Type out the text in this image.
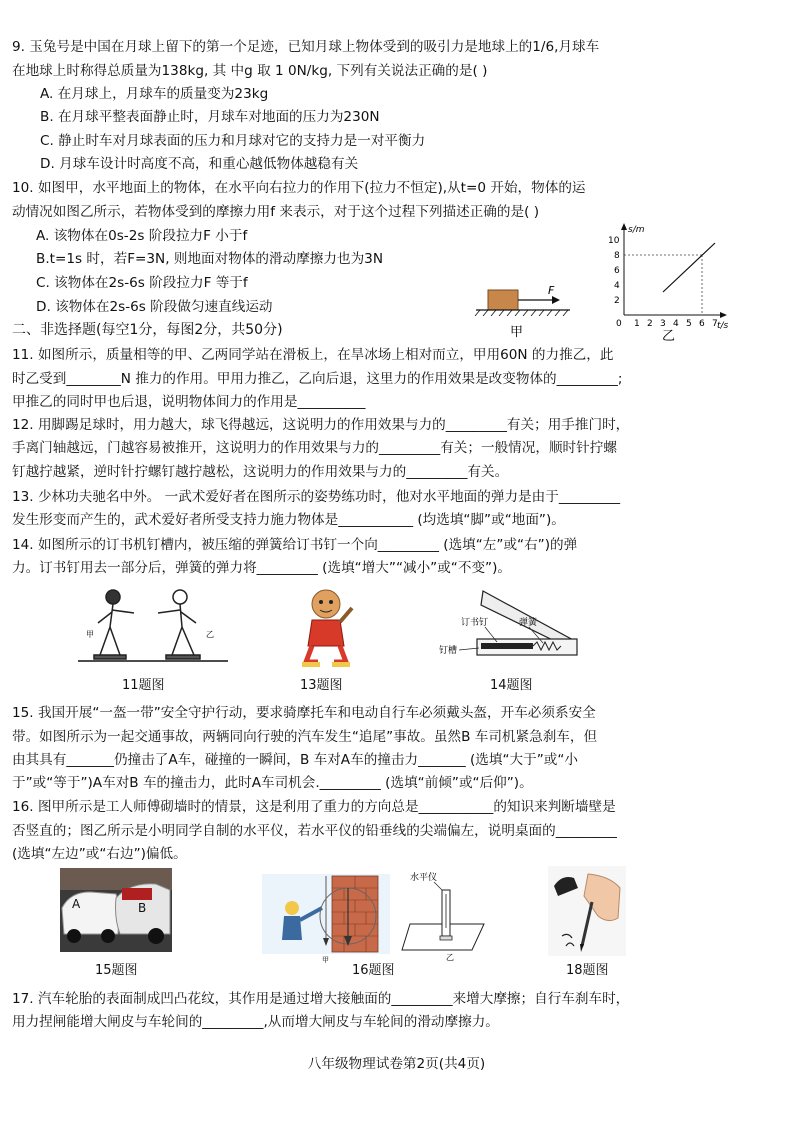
9. 玉兔号是中国在月球上留下的第一个足迹，已知月球上物体受到的吸引力是地球上的1/6,月球车
在地球上时称得总质量为138kg, 其 中g 取 1 0N/kg, 下列有关说法正确的是( )
A. 在月球上，月球车的质量变为23kg
B. 在月球平整表面静止时，月球车对地面的压力为230N
C. 静止时车对月球表面的压力和月球对它的支持力是一对平衡力
D. 月球车设计时高度不高，和重心越低物体越稳有关
10. 如图甲，水平地面上的物体，在水平向右拉力的作用下(拉力不恒定),从t=0 开始，物体的运
动情况如图乙所示，若物体受到的摩擦力用f 来表示，对于这个过程下列描述正确的是( )
A. 该物体在0s-2s 阶段拉力F 小于f
B.t=1s 时，若F=3N, 则地面对物体的滑动摩擦力也为3N
C. 该物体在2s-6s 阶段拉力F 等于f
D. 该物体在2s-6s 阶段做匀速直线运动
F
甲
s/m
t/s
2
4
6
8
10
0 1 2 3 4 5 6 7
乙
二、非选择题(每空1分，每图2分，共50分)
11. 如图所示，质量相等的甲、乙两同学站在滑板上，在旱冰场上相对而立，甲用60N 的力推乙，此
时乙受到________N 推力的作用。甲用力推乙，乙向后退，这里力的作用效果是改变物体的_________;
甲推乙的同时甲也后退，说明物体间力的作用是__________
12. 用脚踢足球时，用力越大，球飞得越远，这说明力的作用效果与力的_________有关；用手推门时，
手离门轴越远，门越容易被推开，这说明力的作用效果与力的_________有关；一般情况，顺时针拧螺
钉越拧越紧，逆时针拧螺钉越拧越松，这说明力的作用效果与力的_________有关。
13. 少林功夫驰名中外。 一武术爱好者在图所示的姿势练功时，他对水平地面的弹力是由于_________
发生形变而产生的，武术爱好者所受支持力施力物体是___________ (均选填“脚”或“地面”)。
14. 如图所示的订书机钉槽内，被压缩的弹簧给订书钉一个向_________ (选填“左”或“右”)的弹
力。订书钉用去一部分后，弹簧的弹力将_________ (选填“增大”“减小”或“不变”)。
甲	乙
订书钉	弹簧
钉槽
11题图	13题图	14题图
15. 我国开展“一盔一带”安全守护行动，要求骑摩托车和电动自行车必须戴头盔，开车必须系安全
带。如图所示为一起交通事故，两辆同向行驶的汽车发生“追尾”事故。虽然B 车司机紧急刹车，但
由其具有_______仍撞击了A车，碰撞的一瞬间，B 车对A车的撞击力_______ (选填“大于”或“小
于”或“等于”)A车对B 车的撞击力，此时A车司机会._________ (选填“前倾”或“后仰”)。
16. 图甲所示是工人师傅砌墙时的情景，这是利用了重力的方向总是___________的知识来判断墙壁是
否竖直的；图乙所示是小明同学自制的水平仪，若水平仪的铅垂线的尖端偏左，说明桌面的_________
(选填“左边”或“右边”)偏低。
A	B
甲
水平仪
乙
15题图	16题图	18题图
17. 汽车轮胎的表面制成凹凸花纹，其作用是通过增大接触面的_________来增大摩擦；自行车刹车时，
用力捏闸能增大闸皮与车轮间的_________,从而增大闸皮与车轮间的滑动摩擦力。
八年级物理试卷第2页(共4页)
